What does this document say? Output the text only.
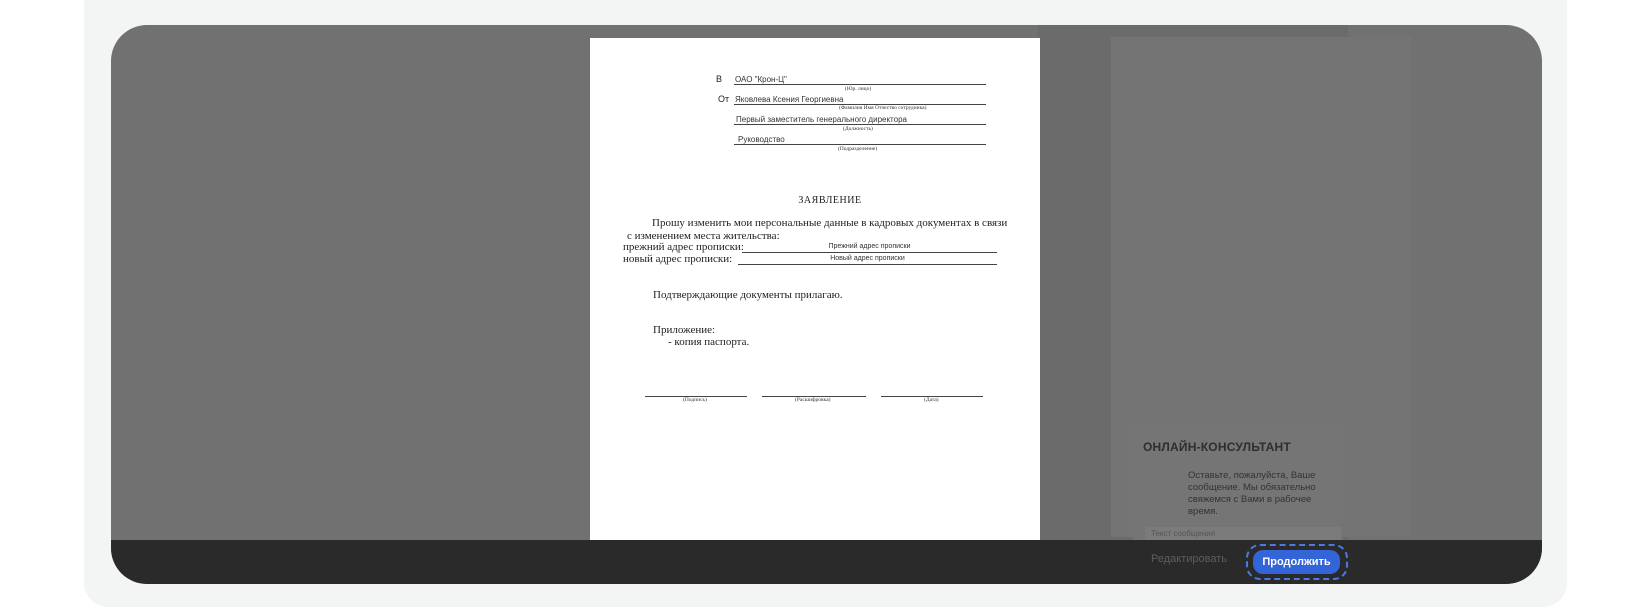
ОНЛАЙН-КОНСУЛЬТАНТ
Оставьте, пожалуйста, Ваше сообщение. Мы обязательно свяжемся с Вами в рабочее время.
Текст сообщения
В ОАО "Крон-Ц"
(Юр. лицо)
От Яковлева Ксения Георгиевна
(Фамилия Имя Отчество сотрудника)
Первый заместитель генерального директора
(Должность)
Руководство
(Подразделение)
ЗАЯВЛЕНИЕ
Прошу изменить мои персональные данные в кадровых документах в связи
с изменением места жительства:
прежний адрес прописки:	Прежний адрес прописки
новый адрес прописки:	Новый адрес прописки
Подтверждающие документы прилагаю.
Приложение:
- копия паспорта.
(Подпись)	(Расшифровка)	(Дата)
Редактировать	Продолжить
